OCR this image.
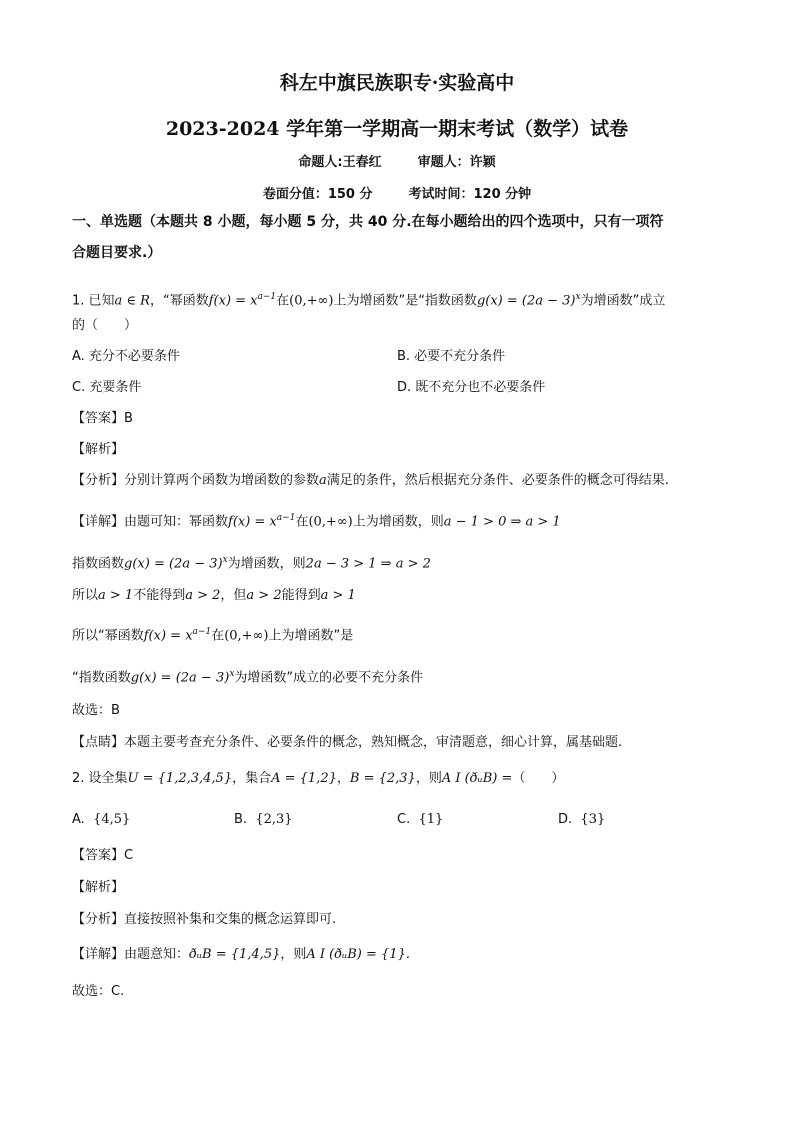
科左中旗民族职专·实验高中
2023-2024 学年第一学期高一期末考试（数学）试卷
命题人:王春红	审题人：许颖
卷面分值：150 分	考试时间：120 分钟
一、单选题（本题共 8 小题，每小题 5 分，共 40 分.在每小题给出的四个选项中，只有一项符
合题目要求.）
1. 已知a ∈ R，“幂函数$f(x) = x^{a-1}$在(0,+∞)上为增函数”是“指数函数$g(x) = (2a - 3)^x$为增函数”成立
的（　　）
A. 充分不必要条件	B. 必要不充分条件
C. 充要条件	D. 既不充分也不必要条件
【答案】B
【解析】
【分析】分别计算两个函数为增函数的参数a满足的条件，然后根据充分条件、必要条件的概念可得结果.
【详解】由题可知：幂函数$f(x) = x^{a-1}$在(0,+∞)上为增函数，则a − 1 > 0 ⇒ a > 1
指数函数$g(x) = (2a - 3)^x$为增函数，则2a − 3 > 1 ⇒ a > 2
所以a > 1不能得到a > 2，但a > 2能得到a > 1
所以“幂函数$f(x) = x^{a-1}$在(0,+∞)上为增函数”是
“指数函数$g(x) = (2a - 3)^x$为增函数”成立的必要不充分条件
故选：B
【点睛】本题主要考查充分条件、必要条件的概念，熟知概念，审清题意，细心计算，属基础题.
2. 设全集U = {1,2,3,4,5}，集合A = {1,2}，B = {2,3}，则A I (ðᵤB) =（　　）
A. {4,5}	B. {2,3}	C. {1}	D. {3}
【答案】C
【解析】
【分析】直接按照补集和交集的概念运算即可.
【详解】由题意知：ðᵤB = {1,4,5}，则A I (ðᵤB) = {1}.
故选：C.
